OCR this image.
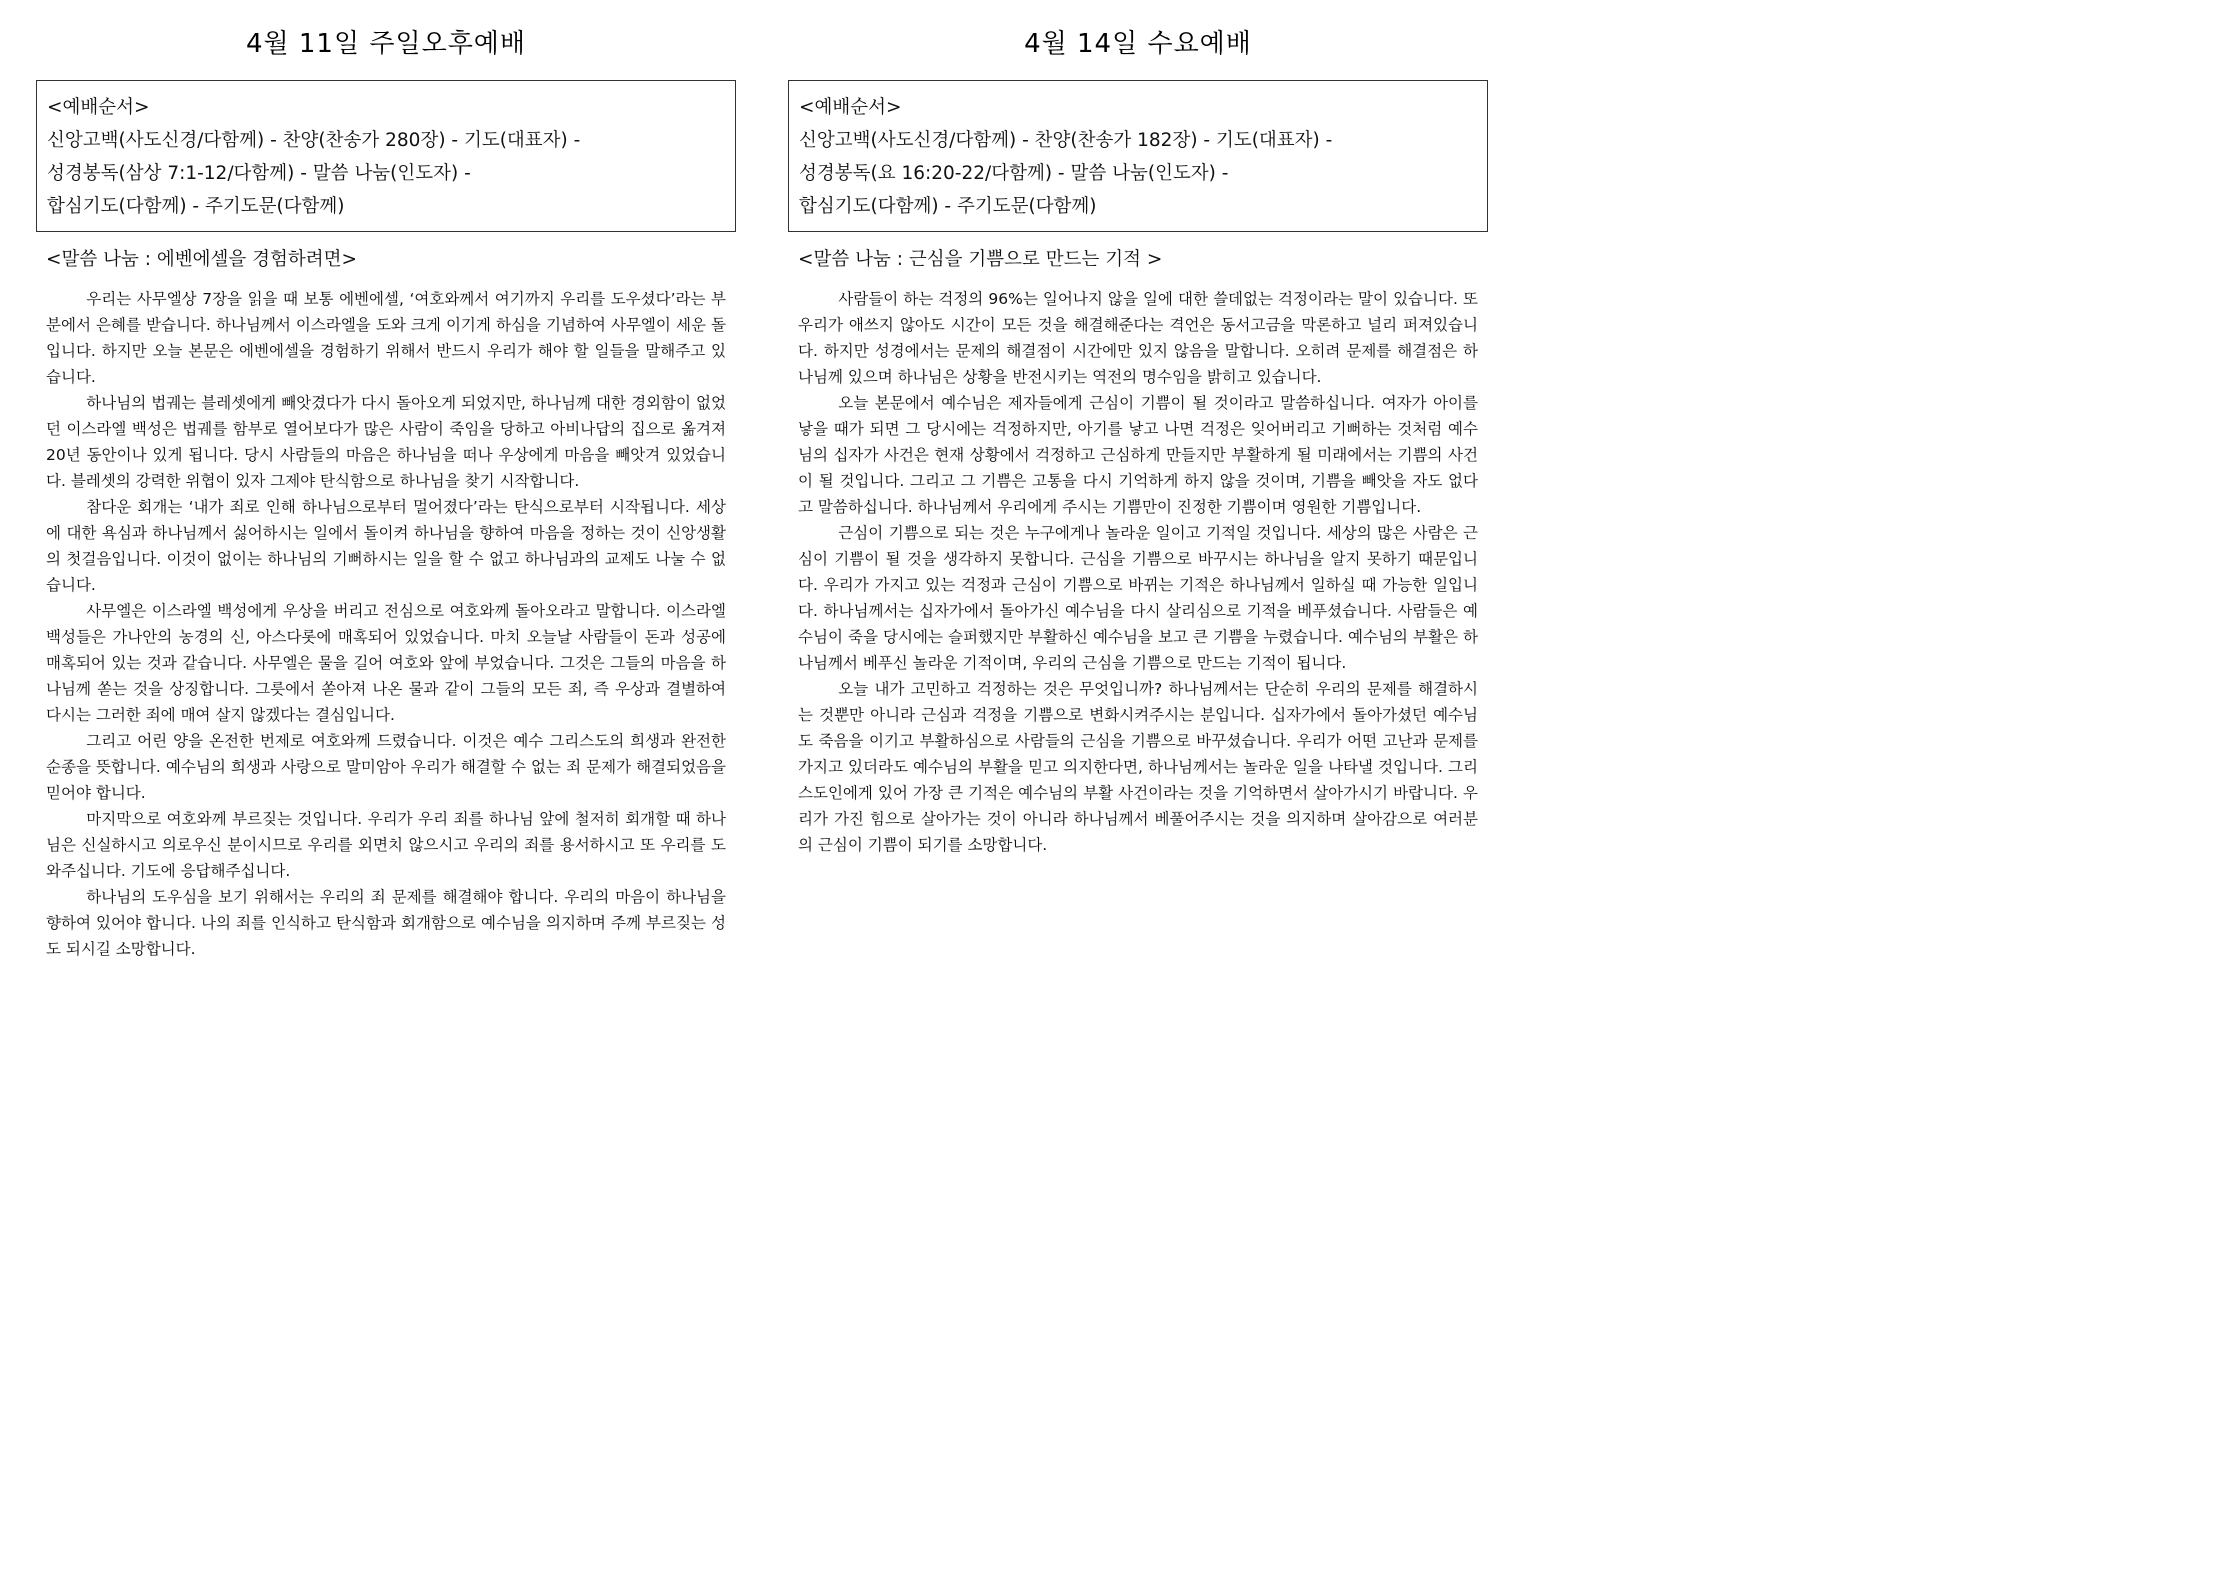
4월 11일 주일오후예배
<예배순서>
신앙고백(사도신경/다함께) - 찬양(찬송가 280장) - 기도(대표자) -
성경봉독(삼상 7:1-12/다함께) - 말씀 나눔(인도자) -
합심기도(다함께) - 주기도문(다함께)
<말씀 나눔 : 에벤에셀을 경험하려면>

우리는 사무엘상 7장을 읽을 때 보통 에벤에셀, ‘여호와께서 여기까지 우리를 도우셨다’라는 부분에서 은혜를 받습니다. 하나님께서 이스라엘을 도와 크게 이기게 하심을 기념하여 사무엘이 세운 돌입니다. 하지만 오늘 본문은 에벤에셀을 경험하기 위해서 반드시 우리가 해야 할 일들을 말해주고 있습니다.

하나님의 법궤는 블레셋에게 빼앗겼다가 다시 돌아오게 되었지만, 하나님께 대한 경외함이 없었던 이스라엘 백성은 법궤를 함부로 열어보다가 많은 사람이 죽임을 당하고 아비나답의 집으로 옮겨져 20년 동안이나 있게 됩니다. 당시 사람들의 마음은 하나님을 떠나 우상에게 마음을 빼앗겨 있었습니다. 블레셋의 강력한 위협이 있자 그제야 탄식함으로 하나님을 찾기 시작합니다.

참다운 회개는 ‘내가 죄로 인해 하나님으로부터 멀어졌다’라는 탄식으로부터 시작됩니다. 세상에 대한 욕심과 하나님께서 싫어하시는 일에서 돌이켜 하나님을 향하여 마음을 정하는 것이 신앙생활의 첫걸음입니다. 이것이 없이는 하나님의 기뻐하시는 일을 할 수 없고 하나님과의 교제도 나눌 수 없습니다.

사무엘은 이스라엘 백성에게 우상을 버리고 전심으로 여호와께 돌아오라고 말합니다. 이스라엘 백성들은 가나안의 농경의 신, 아스다롯에 매혹되어 있었습니다. 마치 오늘날 사람들이 돈과 성공에 매혹되어 있는 것과 같습니다. 사무엘은 물을 길어 여호와 앞에 부었습니다. 그것은 그들의 마음을 하나님께 쏟는 것을 상징합니다. 그릇에서 쏟아져 나온 물과 같이 그들의 모든 죄, 즉 우상과 결별하여 다시는 그러한 죄에 매여 살지 않겠다는 결심입니다.

그리고 어린 양을 온전한 번제로 여호와께 드렸습니다. 이것은 예수 그리스도의 희생과 완전한 순종을 뜻합니다. 예수님의 희생과 사랑으로 말미암아 우리가 해결할 수 없는 죄 문제가 해결되었음을 믿어야 합니다.

마지막으로 여호와께 부르짖는 것입니다. 우리가 우리 죄를 하나님 앞에 철저히 회개할 때 하나님은 신실하시고 의로우신 분이시므로 우리를 외면치 않으시고 우리의 죄를 용서하시고 또 우리를 도와주십니다. 기도에 응답해주십니다.

하나님의 도우심을 보기 위해서는 우리의 죄 문제를 해결해야 합니다. 우리의 마음이 하나님을 향하여 있어야 합니다. 나의 죄를 인식하고 탄식함과 회개함으로 예수님을 의지하며 주께 부르짖는 성도 되시길 소망합니다.

4월 14일 수요예배
<예배순서>
신앙고백(사도신경/다함께) - 찬양(찬송가 182장) - 기도(대표자) -
성경봉독(요 16:20-22/다함께) - 말씀 나눔(인도자) -
합심기도(다함께) - 주기도문(다함께)
<말씀 나눔 : 근심을 기쁨으로 만드는 기적 >

사람들이 하는 걱정의 96%는 일어나지 않을 일에 대한 쓸데없는 걱정이라는 말이 있습니다. 또 우리가 애쓰지 않아도 시간이 모든 것을 해결해준다는 격언은 동서고금을 막론하고 널리 퍼져있습니다. 하지만 성경에서는 문제의 해결점이 시간에만 있지 않음을 말합니다. 오히려 문제를 해결점은 하나님께 있으며 하나님은 상황을 반전시키는 역전의 명수임을 밝히고 있습니다.

오늘 본문에서 예수님은 제자들에게 근심이 기쁨이 될 것이라고 말씀하십니다. 여자가 아이를 낳을 때가 되면 그 당시에는 걱정하지만, 아기를 낳고 나면 걱정은 잊어버리고 기뻐하는 것처럼 예수님의 십자가 사건은 현재 상황에서 걱정하고 근심하게 만들지만 부활하게 될 미래에서는 기쁨의 사건이 될 것입니다. 그리고 그 기쁨은 고통을 다시 기억하게 하지 않을 것이며, 기쁨을 빼앗을 자도 없다고 말씀하십니다. 하나님께서 우리에게 주시는 기쁨만이 진정한 기쁨이며 영원한 기쁨입니다.

근심이 기쁨으로 되는 것은 누구에게나 놀라운 일이고 기적일 것입니다. 세상의 많은 사람은 근심이 기쁨이 될 것을 생각하지 못합니다. 근심을 기쁨으로 바꾸시는 하나님을 알지 못하기 때문입니다. 우리가 가지고 있는 걱정과 근심이 기쁨으로 바뀌는 기적은 하나님께서 일하실 때 가능한 일입니다. 하나님께서는 십자가에서 돌아가신 예수님을 다시 살리심으로 기적을 베푸셨습니다. 사람들은 예수님이 죽을 당시에는 슬퍼했지만 부활하신 예수님을 보고 큰 기쁨을 누렸습니다. 예수님의 부활은 하나님께서 베푸신 놀라운 기적이며, 우리의 근심을 기쁨으로 만드는 기적이 됩니다.

오늘 내가 고민하고 걱정하는 것은 무엇입니까? 하나님께서는 단순히 우리의 문제를 해결하시는 것뿐만 아니라 근심과 걱정을 기쁨으로 변화시켜주시는 분입니다. 십자가에서 돌아가셨던 예수님도 죽음을 이기고 부활하심으로 사람들의 근심을 기쁨으로 바꾸셨습니다. 우리가 어떤 고난과 문제를 가지고 있더라도 예수님의 부활을 믿고 의지한다면, 하나님께서는 놀라운 일을 나타낼 것입니다. 그리스도인에게 있어 가장 큰 기적은 예수님의 부활 사건이라는 것을 기억하면서 살아가시기 바랍니다. 우리가 가진 힘으로 살아가는 것이 아니라 하나님께서 베풀어주시는 것을 의지하며 살아감으로 여러분의 근심이 기쁨이 되기를 소망합니다.
